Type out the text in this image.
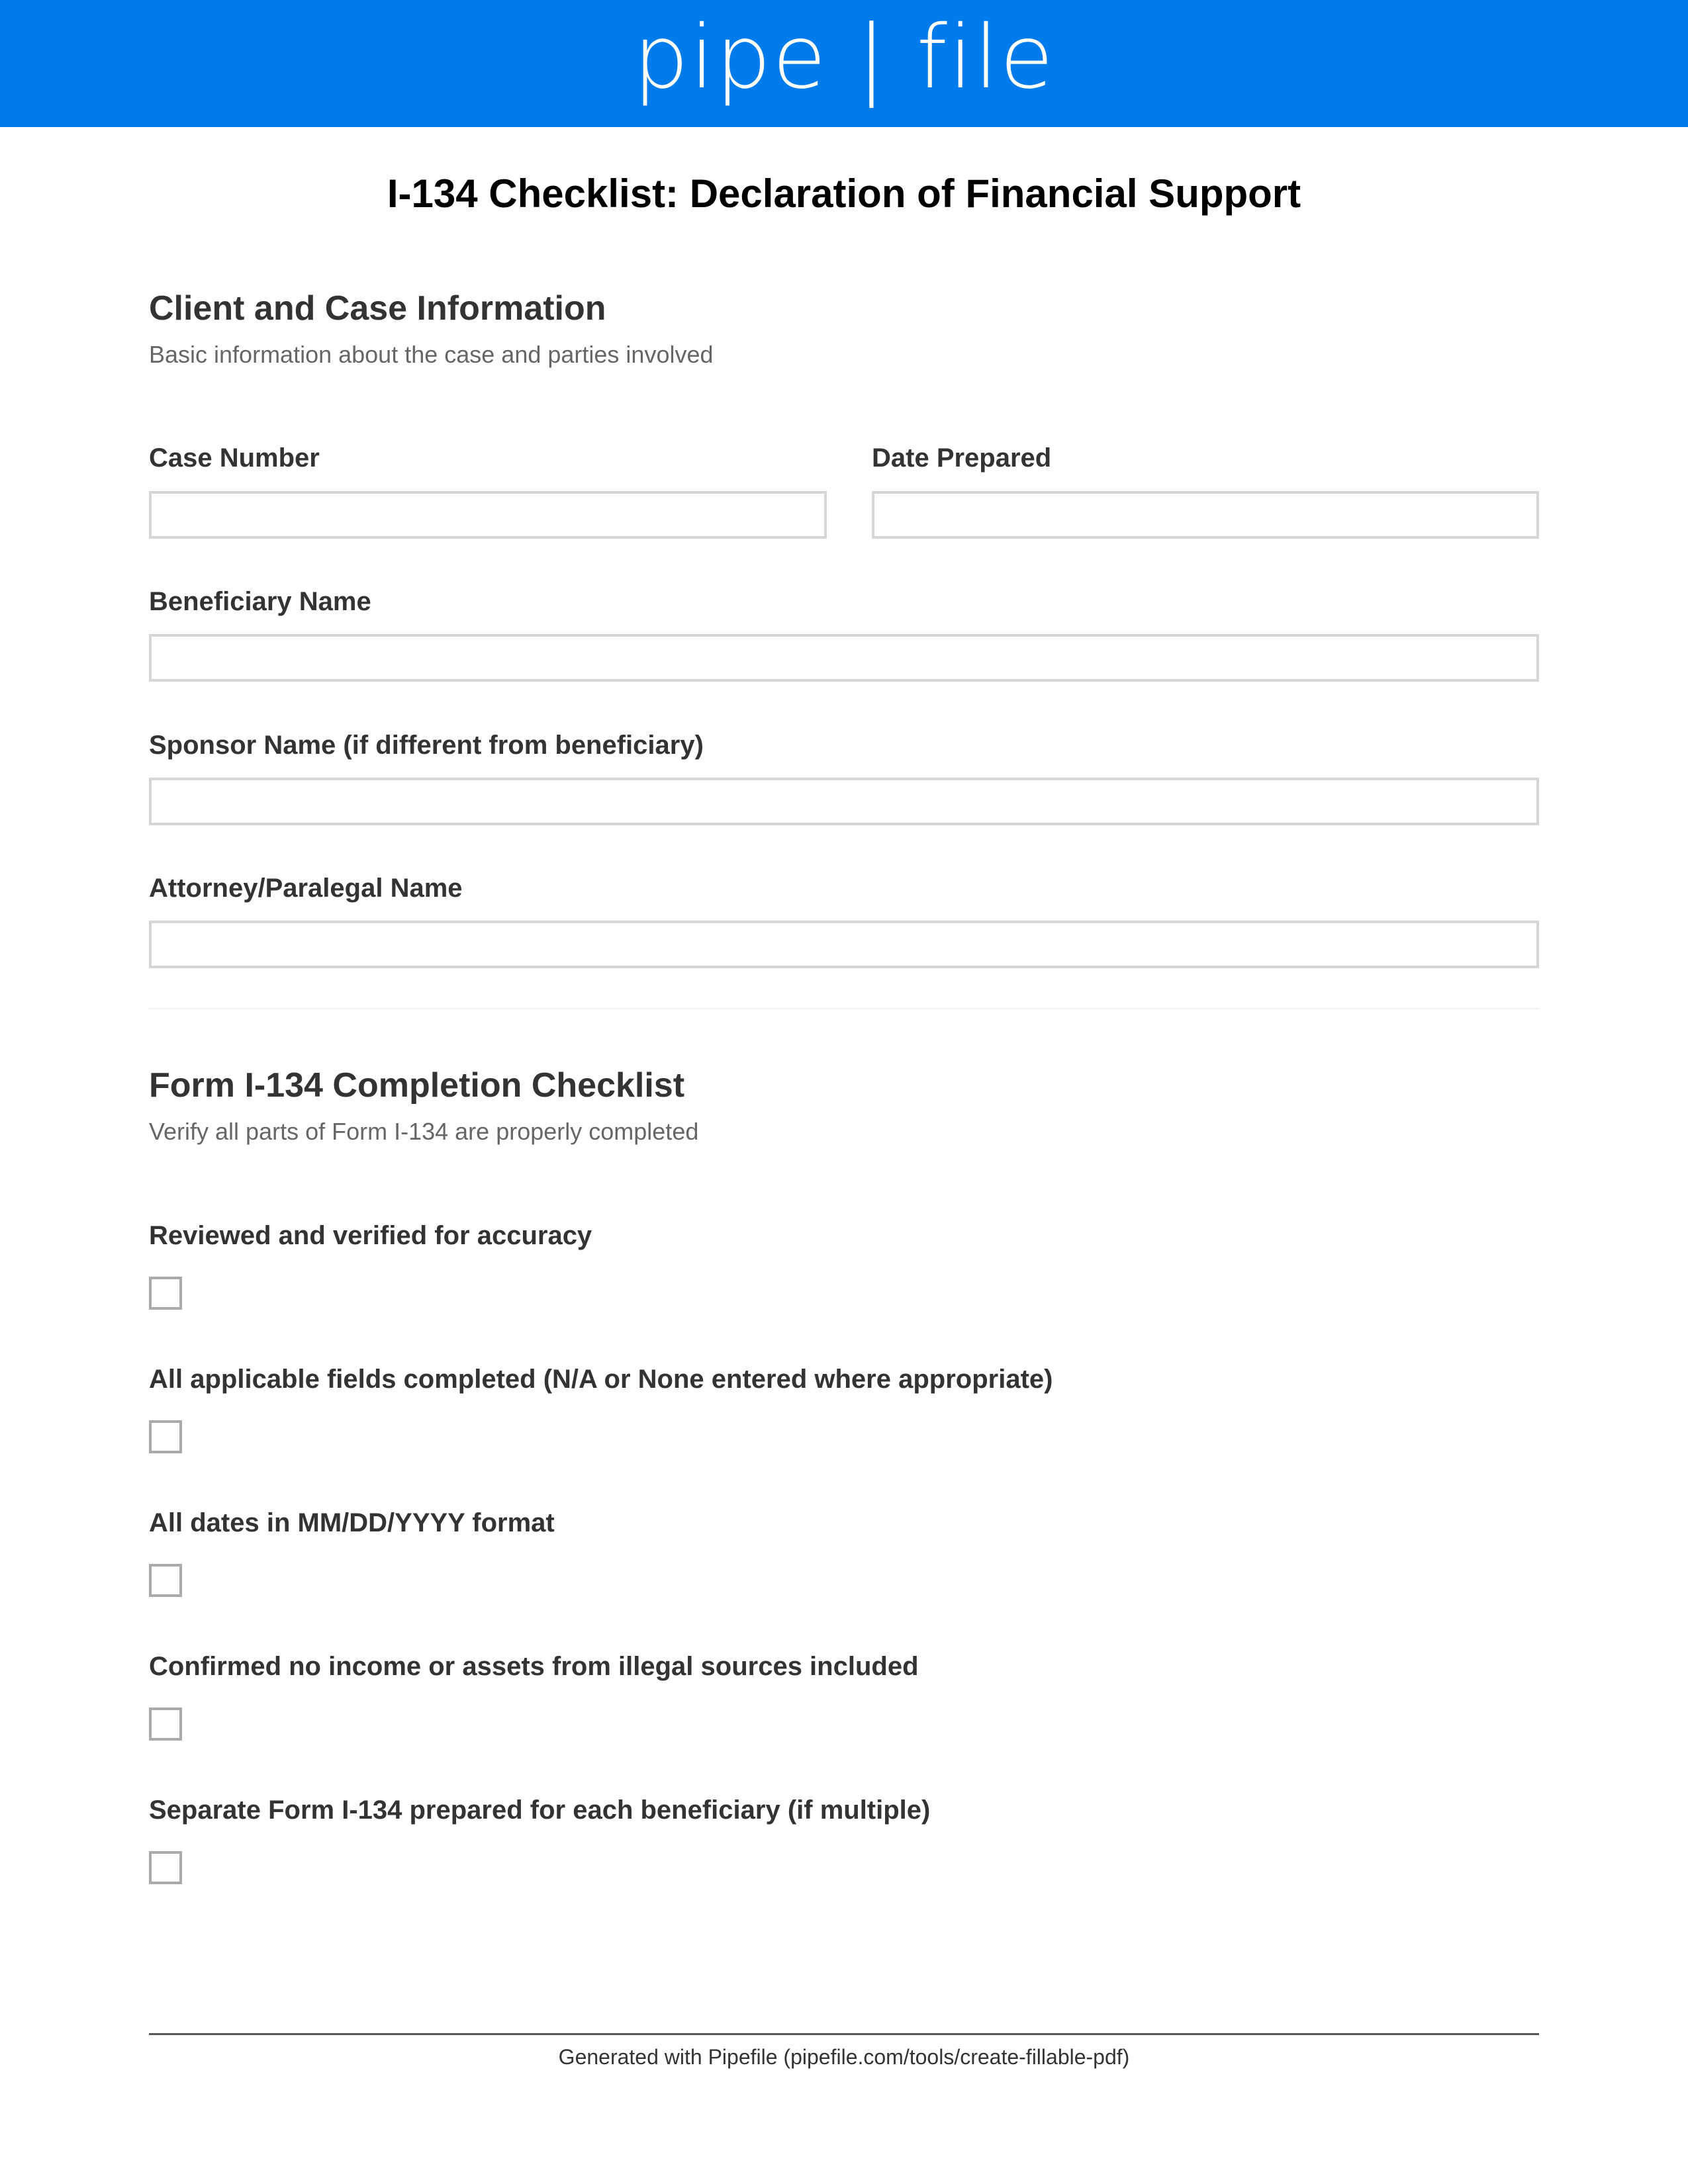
pipe | file
I-134 Checklist: Declaration of Financial Support
Client and Case Information

Basic information about the case and parties involved

Case Number	Date Prepared
Beneficiary Name
Sponsor Name (if different from beneficiary)
Attorney/Paralegal Name
Form I-134 Completion Checklist

Verify all parts of Form I-134 are properly completed

Reviewed and verified for accuracy
All applicable fields completed (N/A or None entered where appropriate)
All dates in MM/DD/YYYY format
Confirmed no income or assets from illegal sources included
Separate Form I-134 prepared for each beneficiary (if multiple)
Generated with Pipefile (pipefile.com/tools/create-fillable-pdf)
